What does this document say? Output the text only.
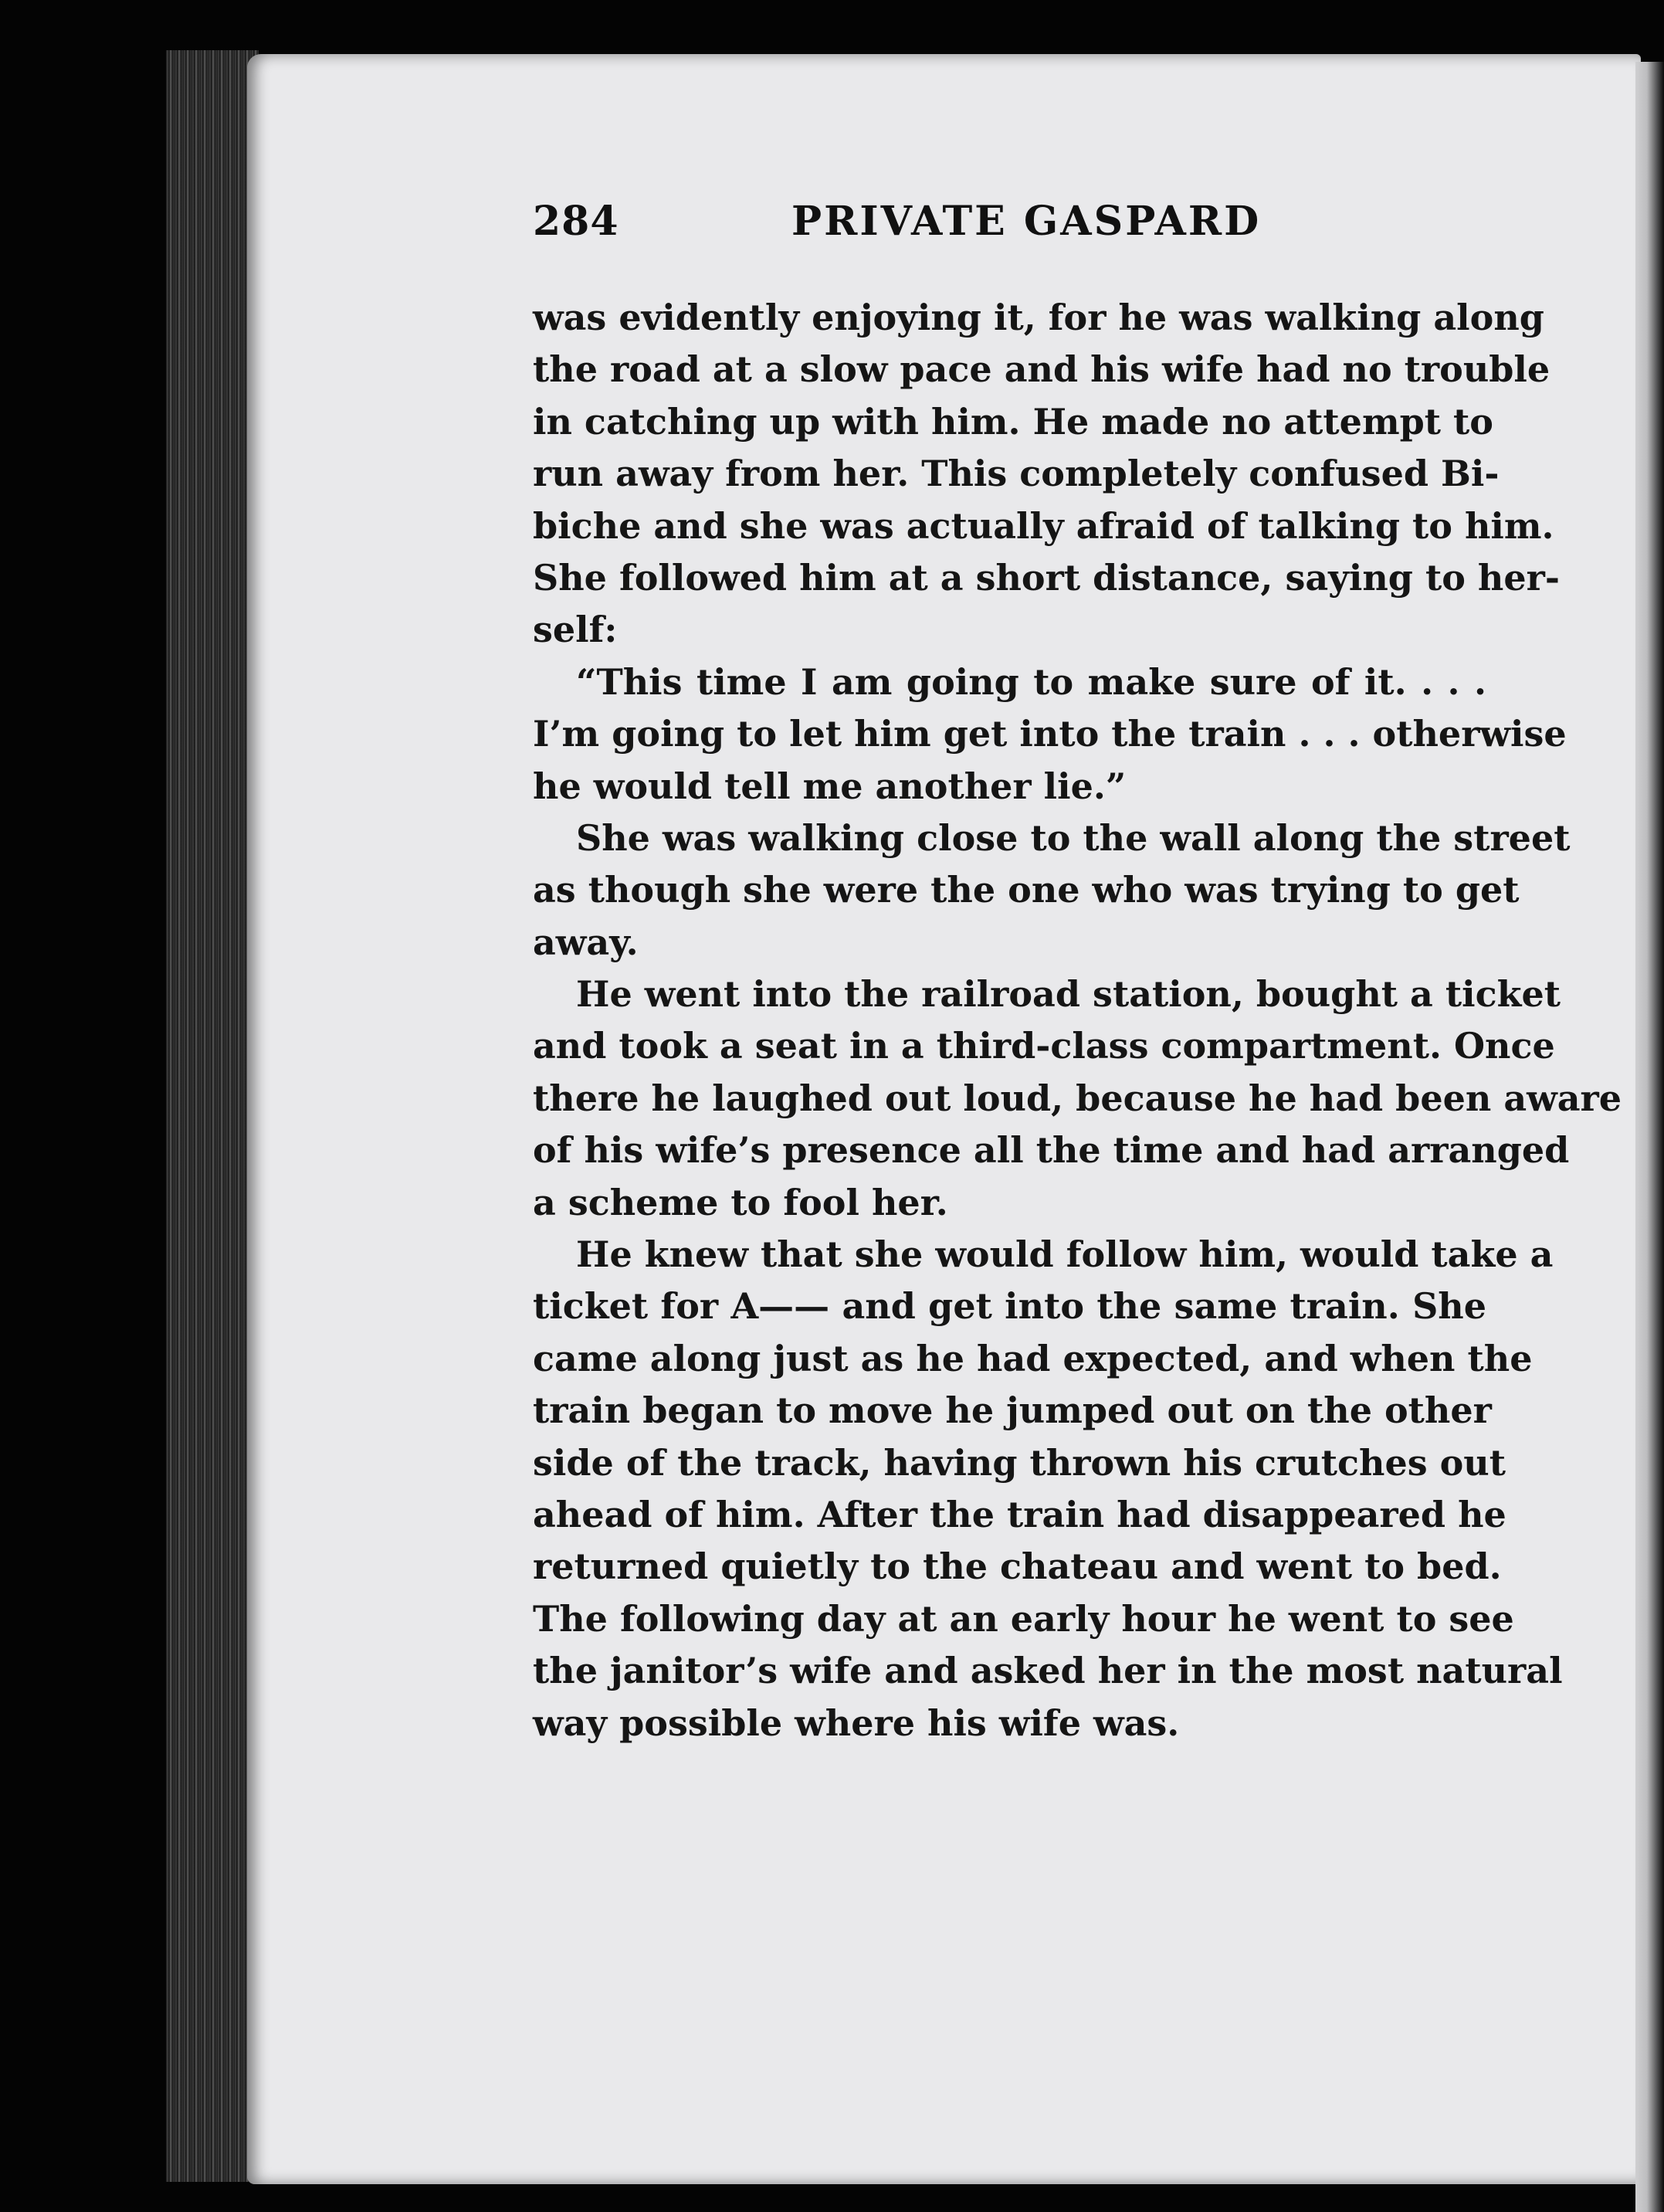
284	PRIVATE GASPARD
was evidently enjoying it, for he was walking along
the road at a slow pace and his wife had no trouble
in catching up with him. He made no attempt to
run away from her. This completely confused Bi-
biche and she was actually afraid of talking to him.
She followed him at a short distance, saying to her-
self:
“This time I am going to make sure of it. . . .
I’m going to let him get into the train . . . otherwise
he would tell me another lie.”
She was walking close to the wall along the street
as though she were the one who was trying to get
away.
He went into the railroad station, bought a ticket
and took a seat in a third-class compartment. Once
there he laughed out loud, because he had been aware
of his wife’s presence all the time and had arranged
a scheme to fool her.
He knew that she would follow him, would take a
ticket for A—— and get into the same train. She
came along just as he had expected, and when the
train began to move he jumped out on the other
side of the track, having thrown his crutches out
ahead of him. After the train had disappeared he
returned quietly to the chateau and went to bed.
The following day at an early hour he went to see
the janitor’s wife and asked her in the most natural
way possible where his wife was.
